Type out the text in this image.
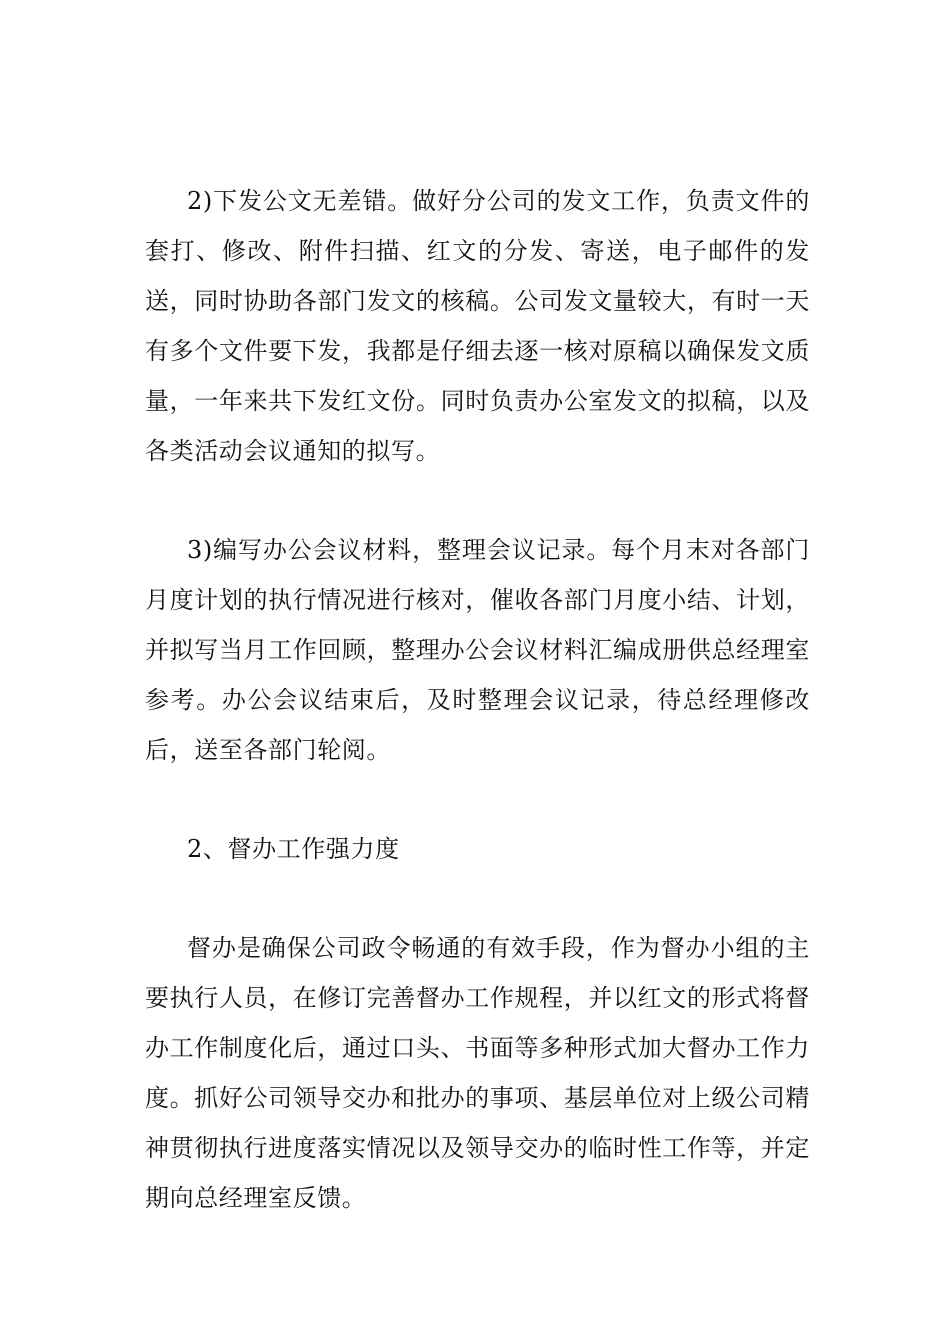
2)下发公文无差错。做好分公司的发文工作，负责文件的套打、修改、附件扫描、红文的分发、寄送，电子邮件的发送，同时协助各部门发文的核稿。公司发文量较大，有时一天有多个文件要下发，我都是仔细去逐一核对原稿以确保发文质量，一年来共下发红文份。同时负责办公室发文的拟稿，以及各类活动会议通知的拟写。

3)编写办公会议材料，整理会议记录。每个月末对各部门月度计划的执行情况进行核对，催收各部门月度小结、计划，并拟写当月工作回顾，整理办公会议材料汇编成册供总经理室参考。办公会议结束后，及时整理会议记录，待总经理修改后，送至各部门轮阅。

2、督办工作强力度

督办是确保公司政令畅通的有效手段，作为督办小组的主要执行人员，在修订完善督办工作规程，并以红文的形式将督办工作制度化后，通过口头、书面等多种形式加大督办工作力度。抓好公司领导交办和批办的事项、基层单位对上级公司精神贯彻执行进度落实情况以及领导交办的临时性工作等，并定期向总经理室反馈。
